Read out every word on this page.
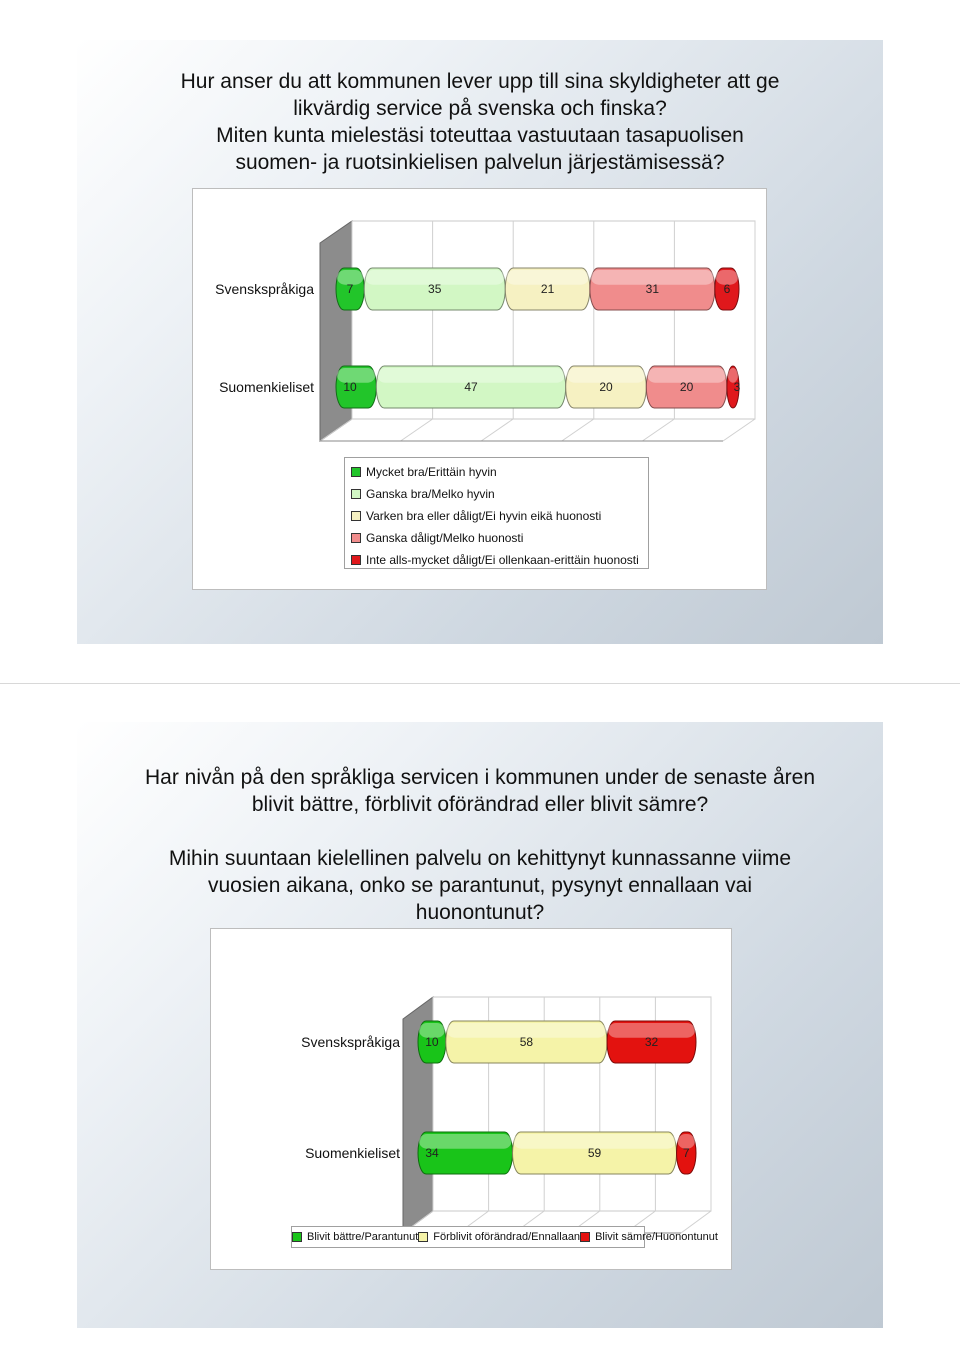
Hur anser du att kommunen lever upp till sina skyldigheter att ge
likvärdig service på svenska och finska?
Miten kunta mielestäsi toteuttaa vastuutaan tasapuolisen
suomen- ja ruotsinkielisen palvelun järjestämisessä?
7	35	21	31	6
Svenskspråkiga
10	47	20	20	3
Suomenkieliset
Mycket bra/Erittäin hyvin
Ganska bra/Melko hyvin
Varken bra eller dåligt/Ei hyvin eikä huonosti
Ganska dåligt/Melko huonosti
Inte alls-mycket dåligt/Ei ollenkaan-erittäin huonosti
Har nivån på den språkliga servicen i kommunen under de senaste åren
blivit bättre, förblivit oförändrad eller blivit sämre?
Mihin suuntaan kielellinen palvelu on kehittynyt kunnassanne viime
vuosien aikana, onko se parantunut, pysynyt ennallaan vai
huonontunut?
10	58	32
Svenskspråkiga
34	59	7
Suomenkieliset
Blivit bättre/Parantunut Förblivit oförändrad/Ennallaan Blivit sämre/Huonontunut
